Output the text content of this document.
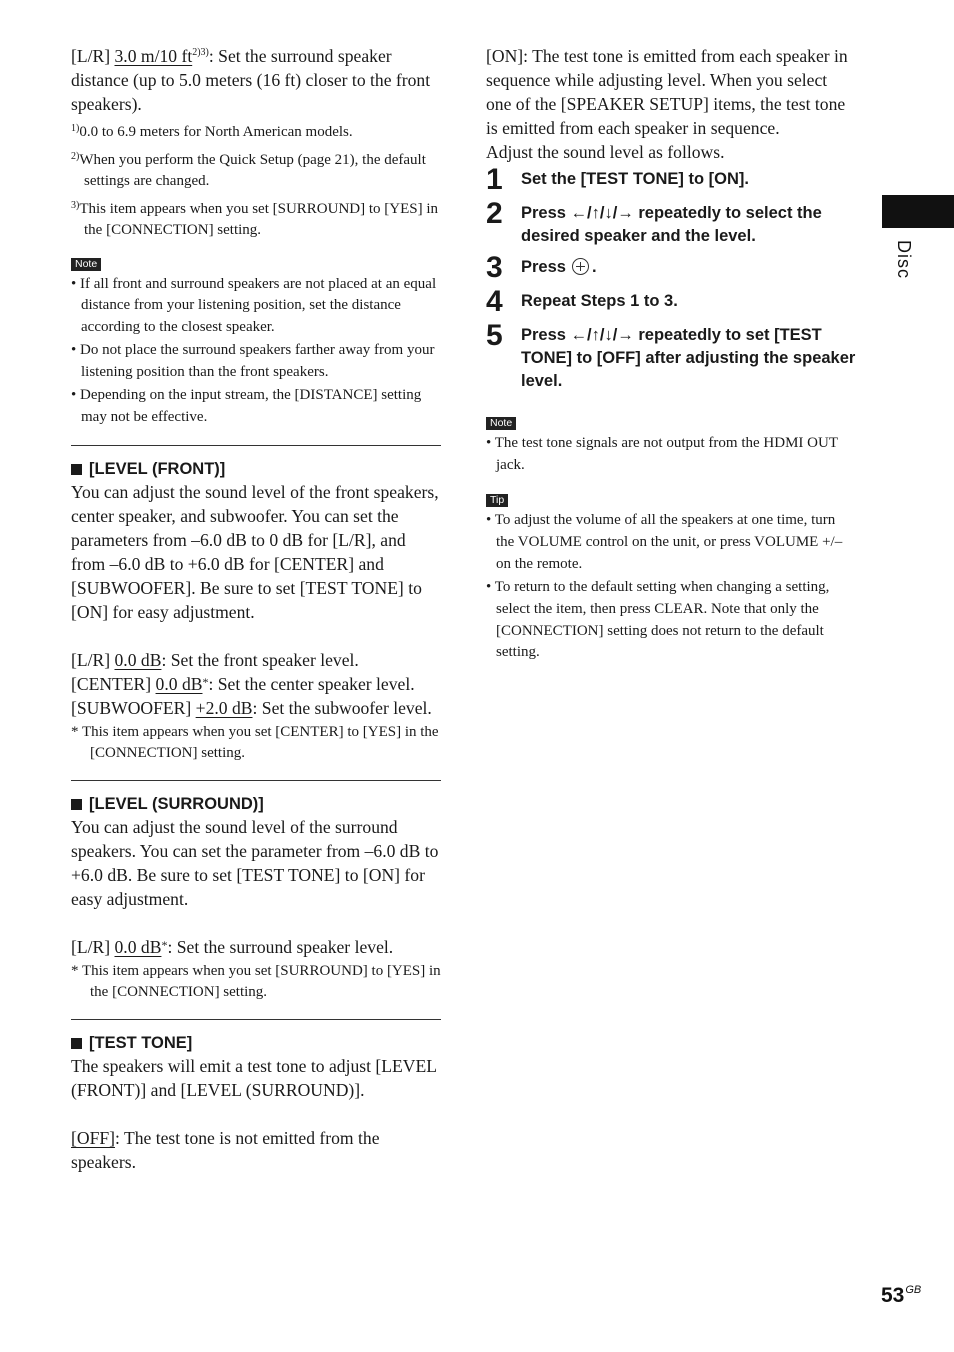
[L/R] 3.0 m/10 $ft^{2)3)}$: Set the surround speaker distance (up to 5.0 meters (16 ft) closer to the front speakers).

$^{1)}$0.0 to 6.9 meters for North American models.

$^{2)}$When you perform the Quick Setup (page 21), the default settings are changed.

$^{3)}$This item appears when you set [SURROUND] to [YES] in the [CONNECTION] setting.

Note
• If all front and surround speakers are not placed at an equal distance from your listening position, set the distance according to the closest speaker.
• Do not place the surround speakers farther away from your listening position than the front speakers.
• Depending on the input stream, the [DISTANCE] setting may not be effective.
[LEVEL (FRONT)]

You can adjust the sound level of the front speakers, center speaker, and subwoofer. You can set the parameters from –6.0 dB to 0 dB for [L/R], and from –6.0 dB to +6.0 dB for [CENTER] and [SUBWOOFER]. Be sure to set [TEST TONE] to [ON] for easy adjustment.

[L/R] 0.0 dB: Set the front speaker level.

[CENTER] 0.0 dB*: Set the center speaker level.

[SUBWOOFER] +2.0 dB: Set the subwoofer level.

* This item appears when you set [CENTER] to [YES] in the [CONNECTION] setting.

[LEVEL (SURROUND)]

You can adjust the sound level of the surround speakers. You can set the parameter from –6.0 dB to +6.0 dB. Be sure to set [TEST TONE] to [ON] for easy adjustment.

[L/R] 0.0 dB*: Set the surround speaker level.

* This item appears when you set [SURROUND] to [YES] in the [CONNECTION] setting.

[TEST TONE]

The speakers will emit a test tone to adjust [LEVEL (FRONT)] and [LEVEL (SURROUND)].

[OFF]: The test tone is not emitted from the speakers.

[ON]: The test tone is emitted from each speaker in sequence while adjusting level. When you select one of the [SPEAKER SETUP] items, the test tone is emitted from each speaker in sequence.

Adjust the sound level as follows.

1	Set the [TEST TONE] to [ON].
2	Press ←/↑/↓/→ repeatedly to select the desired speaker and the level.
3	Press .
4	Repeat Steps 1 to 3.
5	Press ←/↑/↓/→ repeatedly to set [TEST TONE] to [OFF] after adjusting the speaker level.
Note
• The test tone signals are not output from the HDMI OUT jack.
Tip
• To adjust the volume of all the speakers at one time, turn the VOLUME control on the unit, or press VOLUME +/– on the remote.
• To return to the default setting when changing a setting, select the item, then press CLEAR. Note that only the [CONNECTION] setting does not return to the default setting.
Disc
$53^{GB}$
